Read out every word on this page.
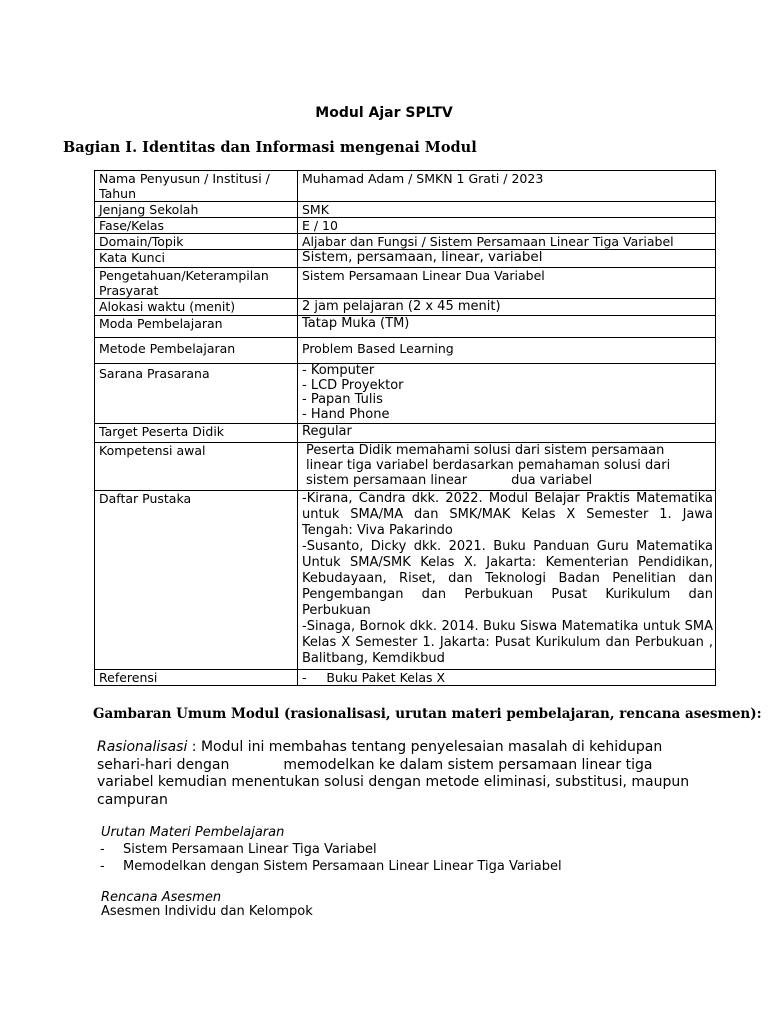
Modul Ajar SPLTV
Bagian I. Identitas dan Informasi mengenai Modul
Nama Penyusun / Institusi / Tahun	Muhamad Adam / SMKN 1 Grati / 2023
Jenjang Sekolah	SMK
Fase/Kelas	E / 10
Domain/Topik	Aljabar dan Fungsi / Sistem Persamaan Linear Tiga Variabel
Kata Kunci	Sistem, persamaan, linear, variabel
Pengetahuan/Keterampilan Prasyarat	Sistem Persamaan Linear Dua Variabel
Alokasi waktu (menit)	2 jam pelajaran (2 x 45 menit)
Moda Pembelajaran	Tatap Muka (TM)
Metode Pembelajaran	Problem Based Learning
Sarana Prasarana	- Komputer
- LCD Proyektor
- Papan Tulis
- Hand Phone

Target Peserta Didik	Regular
Kompetensi awal	Peserta Didik memahami solusi dari sistem persamaan
linear tiga variabel berdasarkan pemahaman solusi dari
sistem persamaan linear dua variabel

Daftar Pustaka	-Kirana, Candra dkk. 2022. Modul Belajar Praktis Matematika untuk SMA/MA dan SMK/MAK Kelas X Semester 1. Jawa Tengah: Viva Pakarindo
-Susanto, Dicky dkk. 2021. Buku Panduan Guru Matematika Untuk SMA/SMK Kelas X. Jakarta: Kementerian Pendidikan, Kebudayaan, Riset, dan Teknologi Badan Penelitian dan Pengembangan dan Perbukuan Pusat Kurikulum dan Perbukuan
-Sinaga, Bornok dkk. 2014. Buku Siswa Matematika untuk SMA Kelas X Semester 1. Jakarta: Pusat Kurikulum dan Perbukuan , Balitbang, Kemdikbud

Referensi	-     Buku Paket Kelas X
Gambaran Umum Modul (rasionalisasi, urutan materi pembelajaran, rencana asesmen):
Rasionalisasi : Modul ini membahas tentang penyelesaian masalah di kehidupan sehari-hari dengan	memodelkan ke dalam sistem persamaan linear tiga variabel kemudian menentukan solusi dengan metode eliminasi, substitusi, maupun campuran
Urutan Materi Pembelajaran
-	Sistem Persamaan Linear Tiga Variabel
-	Memodelkan dengan Sistem Persamaan Linear Linear Tiga Variabel
Rencana Asesmen
Asesmen Individu dan Kelompok
